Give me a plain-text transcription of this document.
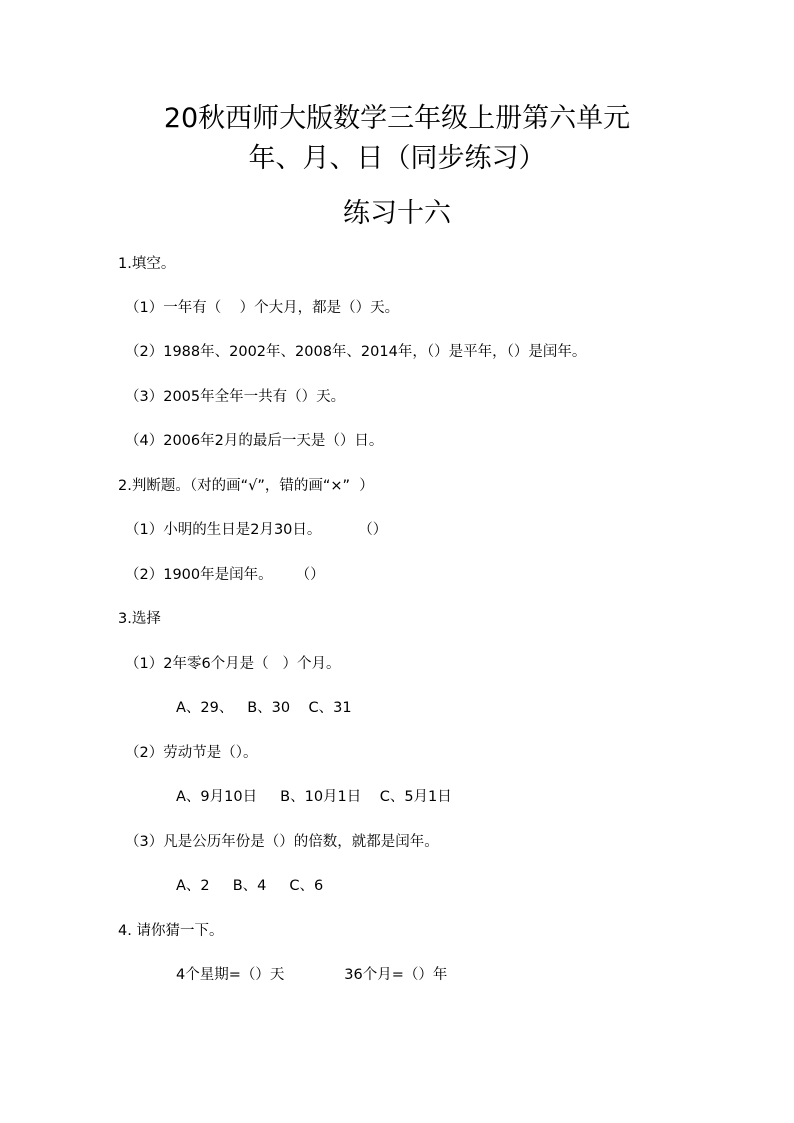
20秋西师大版数学三年级上册第六单元
年、月、日（同步练习）
练习十六

1.填空。

（1）一年有（    ）个大月，都是（）天。

（2）1988年、2002年、2008年、2014年，（）是平年，（）是闰年。

（3）2005年全年一共有（）天。

（4）2006年2月的最后一天是（）日。

2.判断题。（对的画“√”，错的画“×”  ）

（1）小明的生日是2月30日。        （）

（2）1900年是闰年。     （）

3.选择

（1）2年零6个月是（   ）个月。

A、29、   B、30    C、31

（2）劳动节是（）。

A、9月10日     B、10月1日    C、5月1日

（3）凡是公历年份是（）的倍数，就都是闰年。

A、2     B、4     C、6

4. 请你猜一下。

4个星期=（）天             36个月=（）年
